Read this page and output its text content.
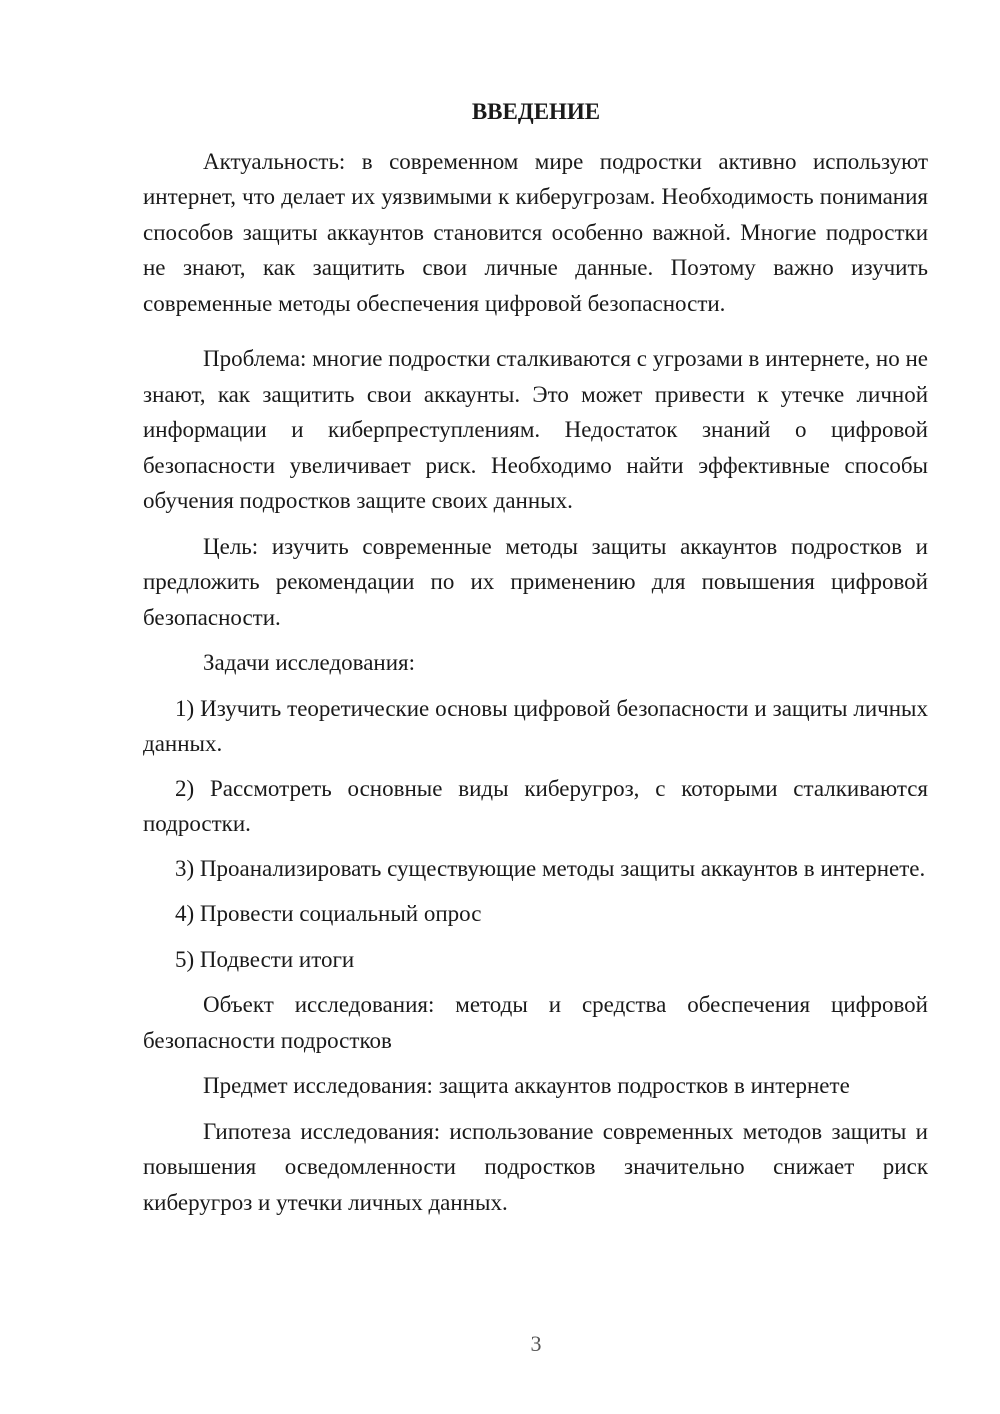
ВВЕДЕНИЕ

Актуальность: в современном мире подростки активно используют интернет, что делает их уязвимыми к киберугрозам. Необходимость понимания способов защиты аккаунтов становится особенно важной. Многие подростки не знают, как защитить свои личные данные. Поэтому важно изучить современные методы обеспечения цифровой безопасности.

Проблема: многие подростки сталкиваются с угрозами в интернете, но не знают, как защитить свои аккаунты. Это может привести к утечке личной информации и киберпреступлениям. Недостаток знаний о цифровой безопасности увеличивает риск. Необходимо найти эффективные способы обучения подростков защите своих данных.

Цель: изучить современные методы защиты аккаунтов подростков и предложить рекомендации по их применению для повышения цифровой безопасности.

Задачи исследования:

1) Изучить теоретические основы цифровой безопасности и защиты личных данных.

2) Рассмотреть основные виды киберугроз, с которыми сталкиваются подростки.

3) Проанализировать существующие методы защиты аккаунтов в интернете.

4) Провести социальный опрос

5) Подвести итоги

Объект исследования: методы и средства обеспечения цифровой безопасности подростков

Предмет исследования: защита аккаунтов подростков в интернете

Гипотеза исследования: использование современных методов защиты и повышения осведомленности подростков значительно снижает риск киберугроз и утечки личных данных.

3
